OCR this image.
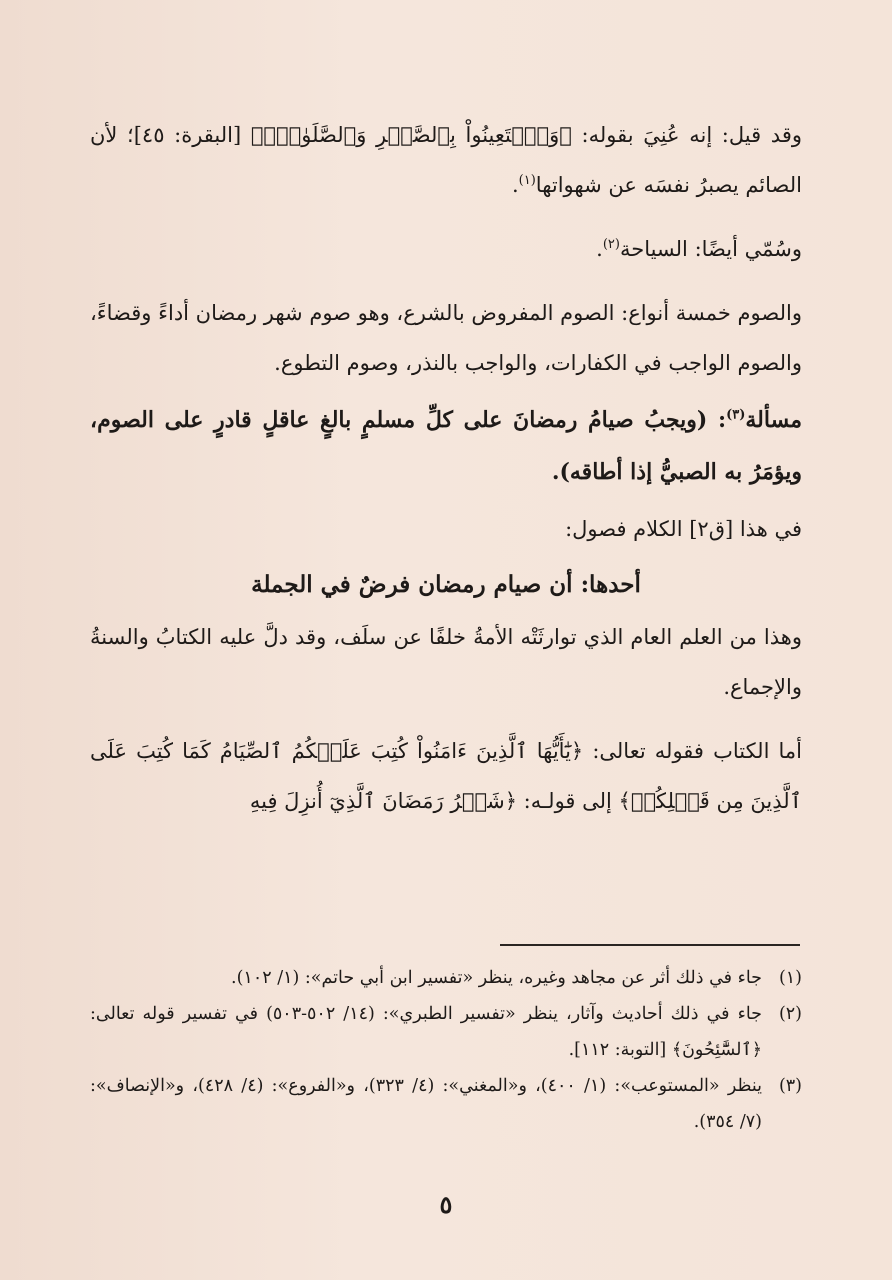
وقد قيل: إنه عُنِيَ بقوله: ﴿وَٱسۡتَعِينُواْ بِٱلصَّبۡرِ وَٱلصَّلَوٰةِۚ﴾ [البقرة: ٤٥]؛ لأن الصائم يصبرُ نفسَه عن شهواتها$^{(١)}$.

وسُمّي أيضًا: السياحة$^{(٢)}$.

والصوم خمسة أنواع: الصوم المفروض بالشرع، وهو صوم شهر رمضان أداءً وقضاءً، والصوم الواجب في الكفارات، والواجب بالنذر، وصوم التطوع.

مسألة$^{(٣)}$: (ويجبُ صيامُ رمضانَ على كلِّ مسلمٍ بالغٍ عاقلٍ قادرٍ على الصوم، ويؤمَرُ به الصبيُّ إذا أطاقه).

في هذا [ق٢] الكلام فصول:

أحدها: أن صيام رمضان فرضٌ في الجملة

وهذا من العلم العام الذي توارثَتْه الأمةُ خلفًا عن سلَف، وقد دلَّ عليه الكتابُ والسنةُ والإجماع.

أما الكتاب فقوله تعالى: ﴿يَٰٓأَيُّهَا ٱلَّذِينَ ءَامَنُواْ كُتِبَ عَلَيۡكُمُ ٱلصِّيَامُ كَمَا كُتِبَ عَلَى ٱلَّذِينَ مِن قَبۡلِكُمۡ﴾ إلى قولـه: ﴿شَهۡرُ رَمَضَانَ ٱلَّذِيٓ أُنزِلَ فِيهِ

(١)
جاء في ذلك أثر عن مجاهد وغيره، ينظر «تفسير ابن أبي حاتم»: (١/ ١٠٢).
(٢)
جاء في ذلك أحاديث وآثار، ينظر «تفسير الطبري»: (١٤/ ٥٠٢-٥٠٣) في تفسير قوله تعالى: ﴿ٱلسَّٰٓئِحُونَ﴾ [التوبة: ١١٢].
(٣)
ينظر «المستوعب»: (١/ ٤٠٠)، و«المغني»: (٤/ ٣٢٣)، و«الفروع»: (٤/ ٤٢٨)، و«الإنصاف»: (٧/ ٣٥٤).
٥
